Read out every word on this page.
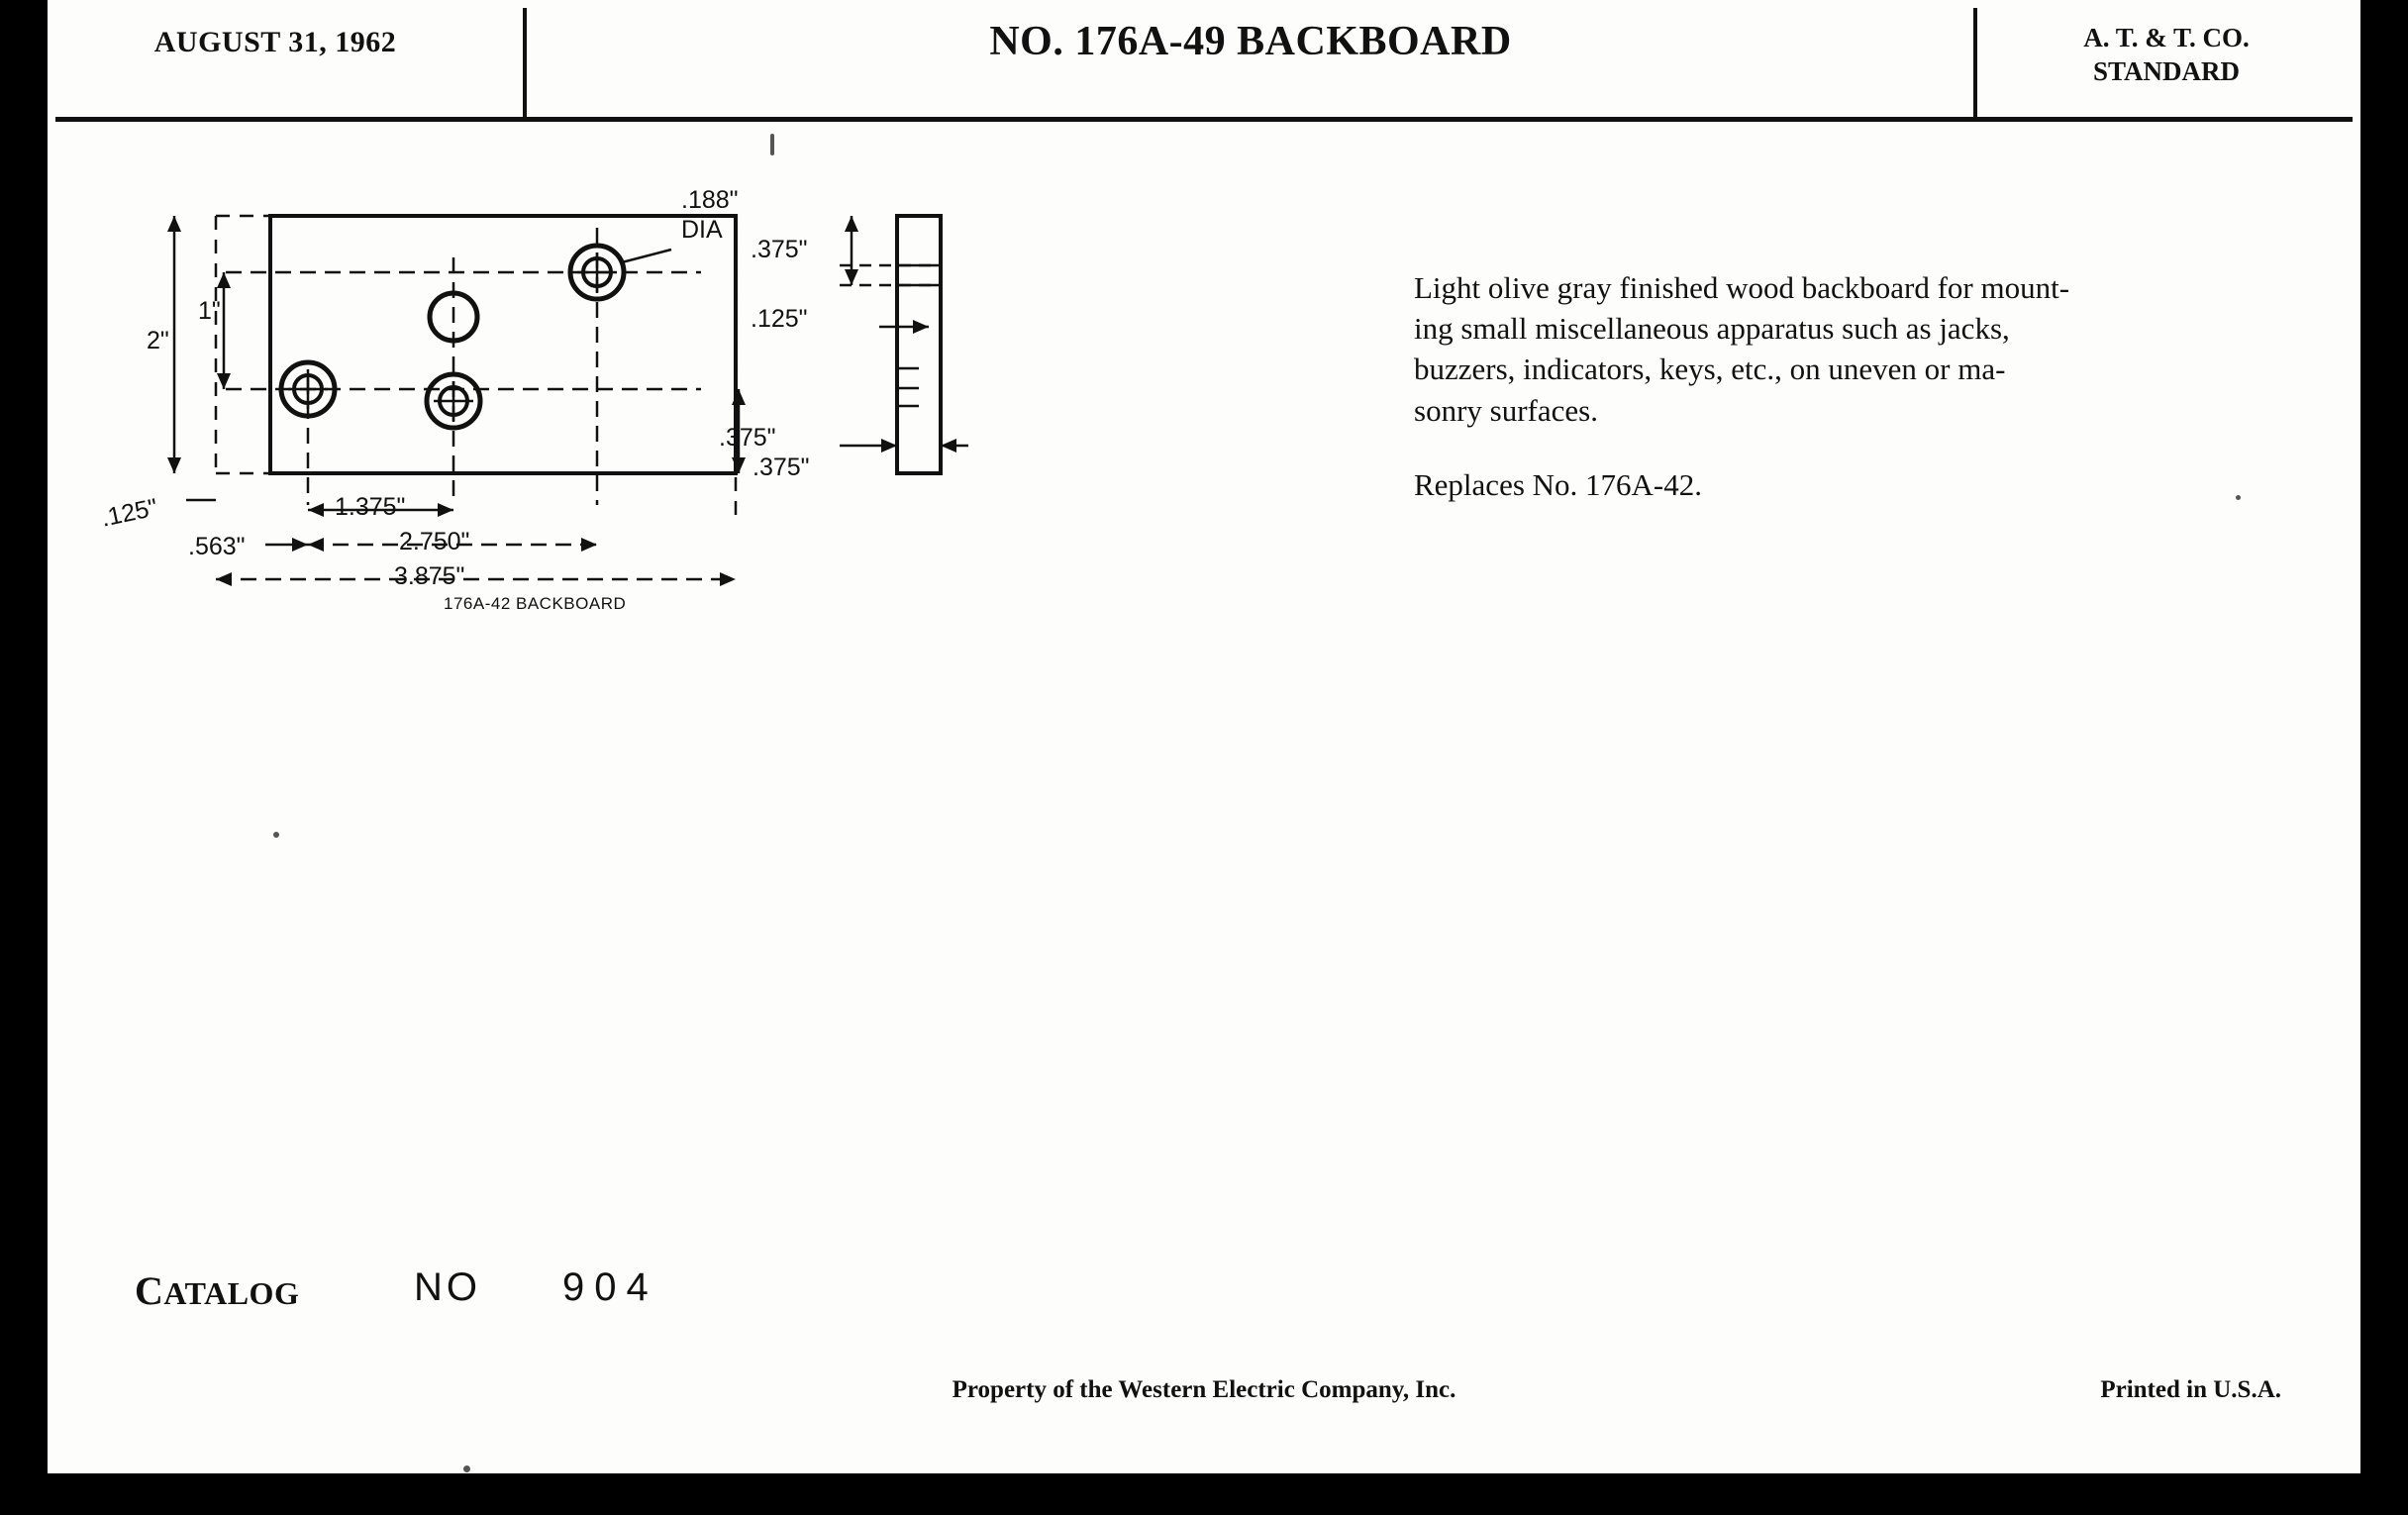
AUGUST 31, 1962	NO. 176A-49 BACKBOARD	A. T. & T. CO.
STANDARD
.188"
DIA
2"
1"
.125"
.563"
1.375"
2.750"
3.875"
176A-42 BACKBOARD
.375"
.375"
.125"
.375"

Light olive gray finished wood backboard for mount-

ing small miscellaneous apparatus such as jacks,

buzzers, indicators, keys, etc., on uneven or ma-

sonry surfaces.

Replaces No. 176A-42.

CATALOG	NO 904
Property of the Western Electric Company, Inc.	Printed in U.S.A.
